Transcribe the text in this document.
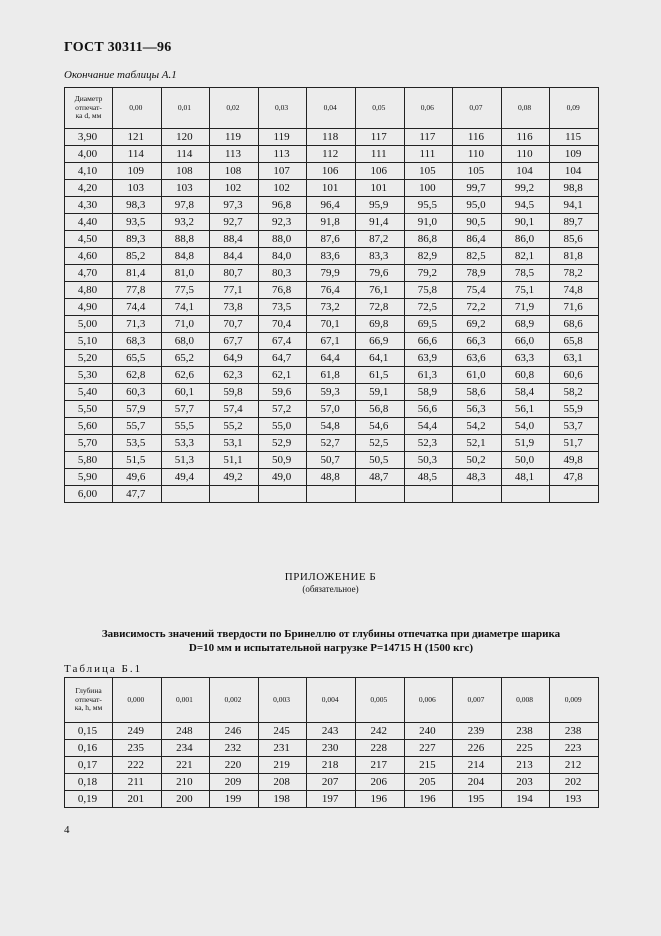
ГОСТ 30311—96
Окончание таблицы А.1
Диаметр
отпечат-
ка d, мм	0,00	0,01	0,02	0,03	0,04	0,05	0,06	0,07	0,08	0,09
3,90	121	120	119	119	118	117	117	116	116	115
4,00	114	114	113	113	112	111	111	110	110	109
4,10	109	108	108	107	106	106	105	105	104	104
4,20	103	103	102	102	101	101	100	99,7	99,2	98,8
4,30	98,3	97,8	97,3	96,8	96,4	95,9	95,5	95,0	94,5	94,1
4,40	93,5	93,2	92,7	92,3	91,8	91,4	91,0	90,5	90,1	89,7
4,50	89,3	88,8	88,4	88,0	87,6	87,2	86,8	86,4	86,0	85,6
4,60	85,2	84,8	84,4	84,0	83,6	83,3	82,9	82,5	82,1	81,8
4,70	81,4	81,0	80,7	80,3	79,9	79,6	79,2	78,9	78,5	78,2
4,80	77,8	77,5	77,1	76,8	76,4	76,1	75,8	75,4	75,1	74,8
4,90	74,4	74,1	73,8	73,5	73,2	72,8	72,5	72,2	71,9	71,6
5,00	71,3	71,0	70,7	70,4	70,1	69,8	69,5	69,2	68,9	68,6
5,10	68,3	68,0	67,7	67,4	67,1	66,9	66,6	66,3	66,0	65,8
5,20	65,5	65,2	64,9	64,7	64,4	64,1	63,9	63,6	63,3	63,1
5,30	62,8	62,6	62,3	62,1	61,8	61,5	61,3	61,0	60,8	60,6
5,40	60,3	60,1	59,8	59,6	59,3	59,1	58,9	58,6	58,4	58,2
5,50	57,9	57,7	57,4	57,2	57,0	56,8	56,6	56,3	56,1	55,9
5,60	55,7	55,5	55,2	55,0	54,8	54,6	54,4	54,2	54,0	53,7
5,70	53,5	53,3	53,1	52,9	52,7	52,5	52,3	52,1	51,9	51,7
5,80	51,5	51,3	51,1	50,9	50,7	50,5	50,3	50,2	50,0	49,8
5,90	49,6	49,4	49,2	49,0	48,8	48,7	48,5	48,3	48,1	47,8
6,00	47,7									
ПРИЛОЖЕНИЕ Б
(обязательное)
Зависимость значений твердости по Бринеллю от глубины отпечатка при диаметре шарика
D=10 мм и испытательной нагрузке P=14715 Н (1500 кгс)
Таблица Б.1
Глубина
отпечат-
ка, h, мм	0,000	0,001	0,002	0,003	0,004	0,005	0,006	0,007	0,008	0,009
0,15	249	248	246	245	243	242	240	239	238	238
0,16	235	234	232	231	230	228	227	226	225	223
0,17	222	221	220	219	218	217	215	214	213	212
0,18	211	210	209	208	207	206	205	204	203	202
0,19	201	200	199	198	197	196	196	195	194	193
4
